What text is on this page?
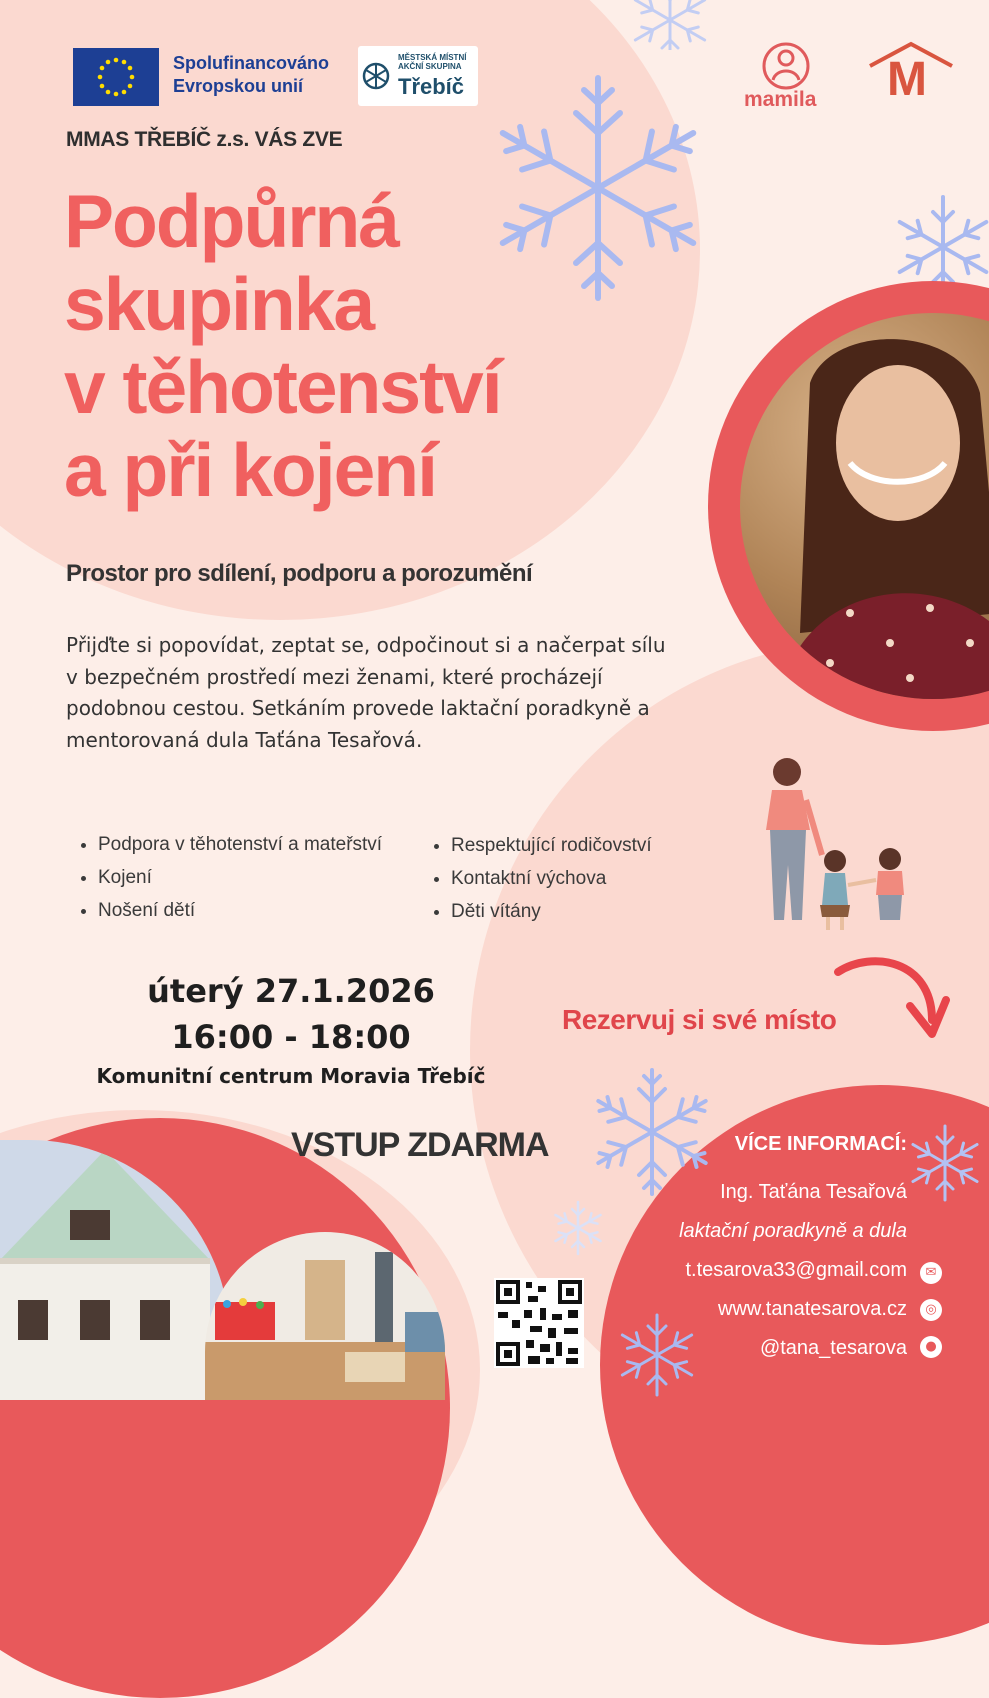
Spolufinancováno
Evropskou unií
MĚSTSKÁ MÍSTNÍ
AKČNÍ SKUPINA
Třebíč
mamila M
MMAS TŘEBÍČ z.s. VÁS ZVE
Podpůrná
skupinka
v těhotenství
a při kojení
Prostor pro sdílení, podporu a porozumění
Přijďte si popovídat, zeptat se, odpočinout si a načerpat sílu v bezpečném prostředí mezi ženami, které procházejí podobnou cestou. Setkáním provede laktační poradkyně a mentorovaná dula Taťána Tesařová.
• Podpora v těhotenství a mateřství
• Kojení
• Nošení dětí
• Respektující rodičovství
• Kontaktní výchova
• Děti vítány
úterý 27.1.2026
16:00 - 18:00
Komunitní centrum Moravia Třebíč
Rezervuj si své místo
VSTUP ZDARMA	VÍCE INFORMACÍ:
Ing. Taťána Tesařová
laktační poradkyně a dula
t.tesarova33@gmail.com
www.tanatesarova.cz
@tana_tesarova
✉
◎
●
